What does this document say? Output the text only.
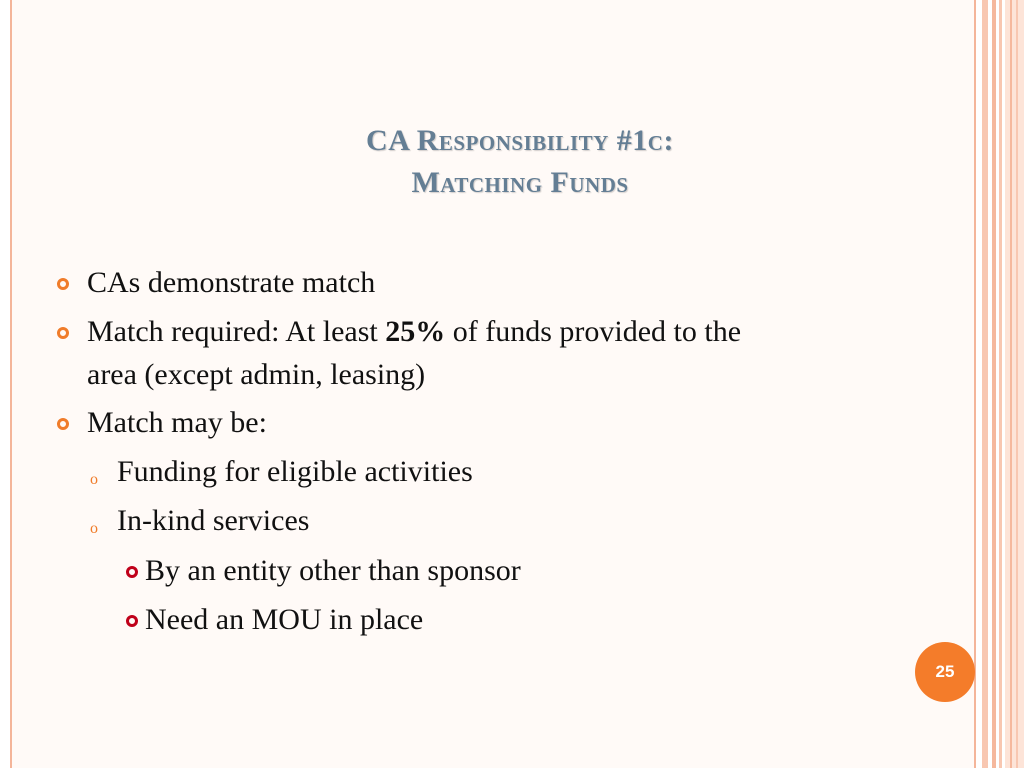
CA Responsibility #1c:
Matching Funds
CAs demonstrate match
Match required: At least 25% of funds provided to the
area (except admin, leasing)
Match may be:
o Funding for eligible activities
o In-kind services
By an entity other than sponsor
Need an MOU in place
25
